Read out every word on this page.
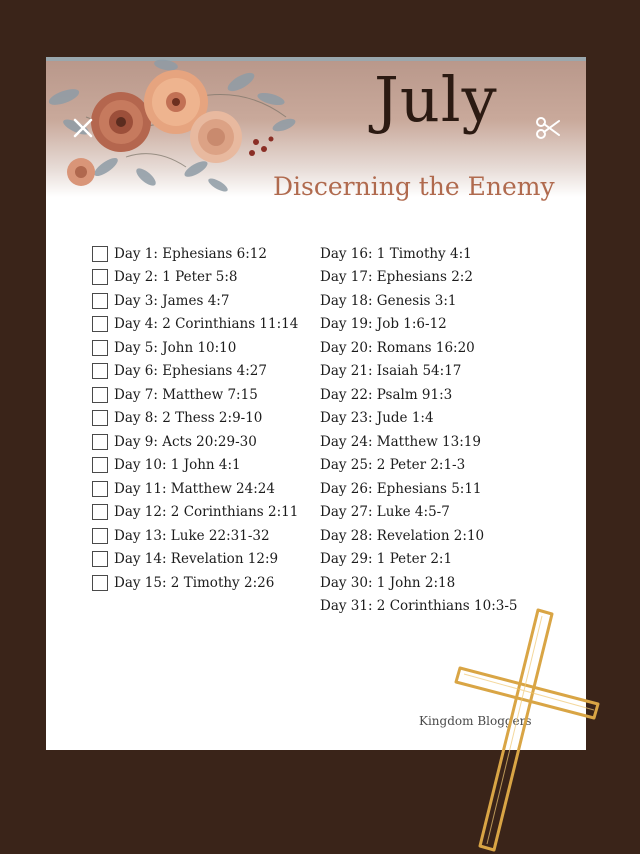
July
Discerning the Enemy
Day 1: Ephesians 6:12
Day 2: 1 Peter 5:8
Day 3: James 4:7
Day 4: 2 Corinthians 11:14
Day 5: John 10:10
Day 6: Ephesians 4:27
Day 7: Matthew 7:15
Day 8: 2 Thess 2:9-10
Day 9: Acts 20:29-30
Day 10: 1 John 4:1
Day 11: Matthew 24:24
Day 12: 2 Corinthians 2:11
Day 13: Luke 22:31-32
Day 14: Revelation 12:9
Day 15: 2 Timothy 2:26
Day 16: 1 Timothy 4:1
Day 17: Ephesians 2:2
Day 18: Genesis 3:1
Day 19: Job 1:6-12
Day 20: Romans 16:20
Day 21: Isaiah 54:17
Day 22: Psalm 91:3
Day 23: Jude 1:4
Day 24: Matthew 13:19
Day 25: 2 Peter 2:1-3
Day 26: Ephesians 5:11
Day 27: Luke 4:5-7
Day 28: Revelation 2:10
Day 29: 1 Peter 2:1
Day 30: 1 John 2:18
Day 31: 2 Corinthians 10:3-5
Kingdom Bloggers
